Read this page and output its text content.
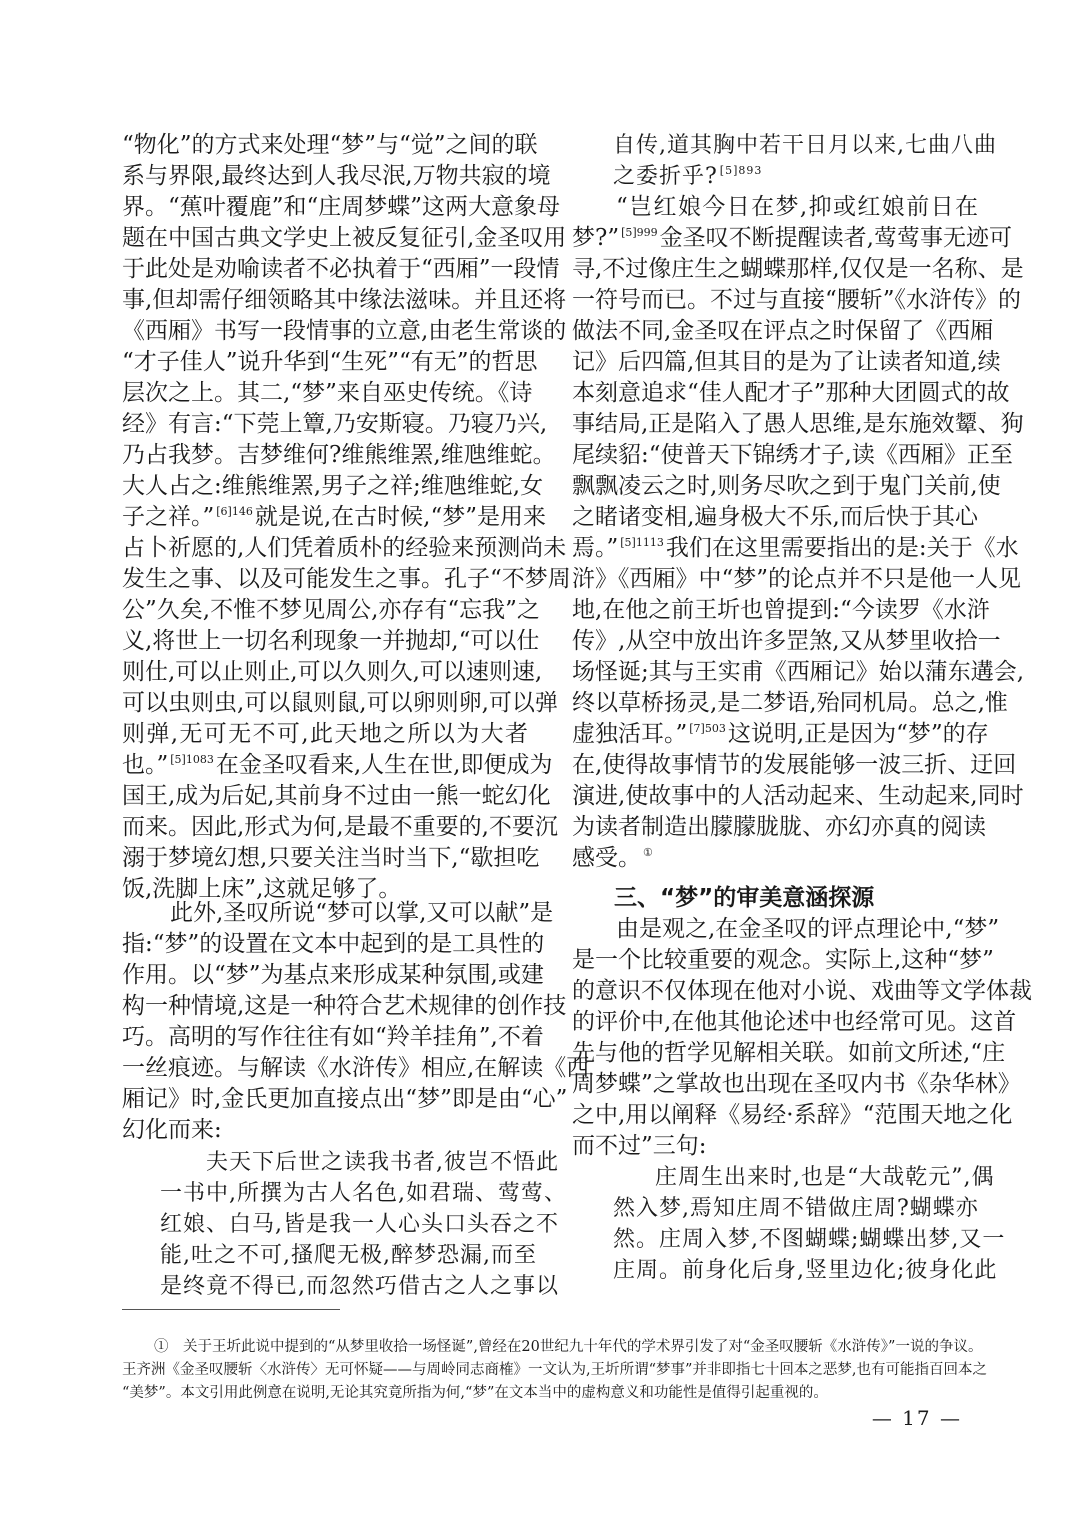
“物化”的方式来处理“梦”与“觉”之间的联
系与界限,最终达到人我尽泯,万物共寂的境
界。“蕉叶覆鹿”和“庄周梦蝶”这两大意象母
题在中国古典文学史上被反复征引,金圣叹用
于此处是劝喻读者不必执着于“西厢”一段情
事,但却需仔细领略其中缘法滋味。并且还将
《西厢》书写一段情事的立意,由老生常谈的
“才子佳人”说升华到“生死”“有无”的哲思
层次之上。其二,“梦”来自巫史传统。《诗
经》有言:“下莞上簟,乃安斯寝。乃寝乃兴,
乃占我梦。吉梦维何?维熊维罴,维虺维蛇。
大人占之:维熊维罴,男子之祥;维虺维蛇,女
子之祥。” $^{[6]146}$就是说,在古时候,“梦”是用来
占卜祈愿的,人们凭着质朴的经验来预测尚未
发生之事、以及可能发生之事。孔子“不梦周
公”久矣,不惟不梦见周公,亦存有“忘我”之
义,将世上一切名利现象一并抛却,“可以仕
则仕,可以止则止,可以久则久,可以速则速,
可以虫则虫,可以鼠则鼠,可以卵则卵,可以弹
则弹,无可无不可,此天地之所以为大者
也。” $^{[5]1083}$在金圣叹看来,人生在世,即便成为
国王,成为后妃,其前身不过由一熊一蛇幻化
而来。因此,形式为何,是最不重要的,不要沉
溺于梦境幻想,只要关注当时当下,“歇担吃
饭,洗脚上床”,这就足够了。
此外,圣叹所说“梦可以掌,又可以献”是
指:“梦”的设置在文本中起到的是工具性的
作用。以“梦”为基点来形成某种氛围,或建
构一种情境,这是一种符合艺术规律的创作技
巧。高明的写作往往有如“羚羊挂角”,不着
一丝痕迹。与解读《水浒传》相应,在解读《西
厢记》时,金氏更加直接点出“梦”即是由“心”
幻化而来:
夫天下后世之读我书者,彼岂不悟此
一书中,所撰为古人名色,如君瑞、莺莺、
红娘、白马,皆是我一人心头口头吞之不
能,吐之不可,搔爬无极,醉梦恐漏,而至
是终竟不得已,而忽然巧借古之人之事以
自传,道其胸中若干日月以来,七曲八曲
之委折乎? $^{[5]893}$
“岂红娘今日在梦,抑或红娘前日在
梦?” $^{[5]999}$金圣叹不断提醒读者,莺莺事无迹可
寻,不过像庄生之蝴蝶那样,仅仅是一名称、是
一符号而已。不过与直接“腰斩”《水浒传》的
做法不同,金圣叹在评点之时保留了《西厢
记》后四篇,但其目的是为了让读者知道,续
本刻意追求“佳人配才子”那种大团圆式的故
事结局,正是陷入了愚人思维,是东施效颦、狗
尾续貂:“使普天下锦绣才子,读《西厢》正至
飘飘凌云之时,则务尽吹之到于鬼门关前,使
之睹诸变相,遍身极大不乐,而后快于其心
焉。” $^{[5]1113}$我们在这里需要指出的是:关于《水
浒》《西厢》中“梦”的论点并不只是他一人见
地,在他之前王圻也曾提到:“今读罗《水浒
传》,从空中放出许多罡煞,又从梦里收拾一
场怪诞;其与王实甫《西厢记》始以蒲东遘会,
终以草桥扬灵,是二梦语,殆同机局。总之,惟
虚独活耳。” $^{[7]503}$这说明,正是因为“梦”的存
在,使得故事情节的发展能够一波三折、迂回
演进,使故事中的人活动起来、生动起来,同时
为读者制造出朦朦胧胧、亦幻亦真的阅读
感受。 ①
三、“梦”的审美意涵探源
由是观之,在金圣叹的评点理论中,“梦”
是一个比较重要的观念。实际上,这种“梦”
的意识不仅体现在他对小说、戏曲等文学体裁
的评价中,在他其他论述中也经常可见。这首
先与他的哲学见解相关联。如前文所述,“庄
周梦蝶”之掌故也出现在圣叹内书《杂华林》
之中,用以阐释《易经·系辞》“范围天地之化
而不过”三句:
庄周生出来时,也是“大哉乾元”,偶
然入梦,焉知庄周不错做庄周?蝴蝶亦
然。庄周入梦,不图蝴蝶;蝴蝶出梦,又一
庄周。前身化后身,竖里边化;彼身化此
①　关于王圻此说中提到的“从梦里收拾一场怪诞”,曾经在20世纪九十年代的学术界引发了对“金圣叹腰斩《水浒传》”一说的争议。
王齐洲《金圣叹腰斩〈水浒传〉无可怀疑——与周岭同志商榷》一文认为,王圻所谓“梦事”并非即指七十回本之恶梦,也有可能指百回本之
“美梦”。本文引用此例意在说明,无论其究竟所指为何,“梦”在文本当中的虚构意义和功能性是值得引起重视的。
— 17 —
